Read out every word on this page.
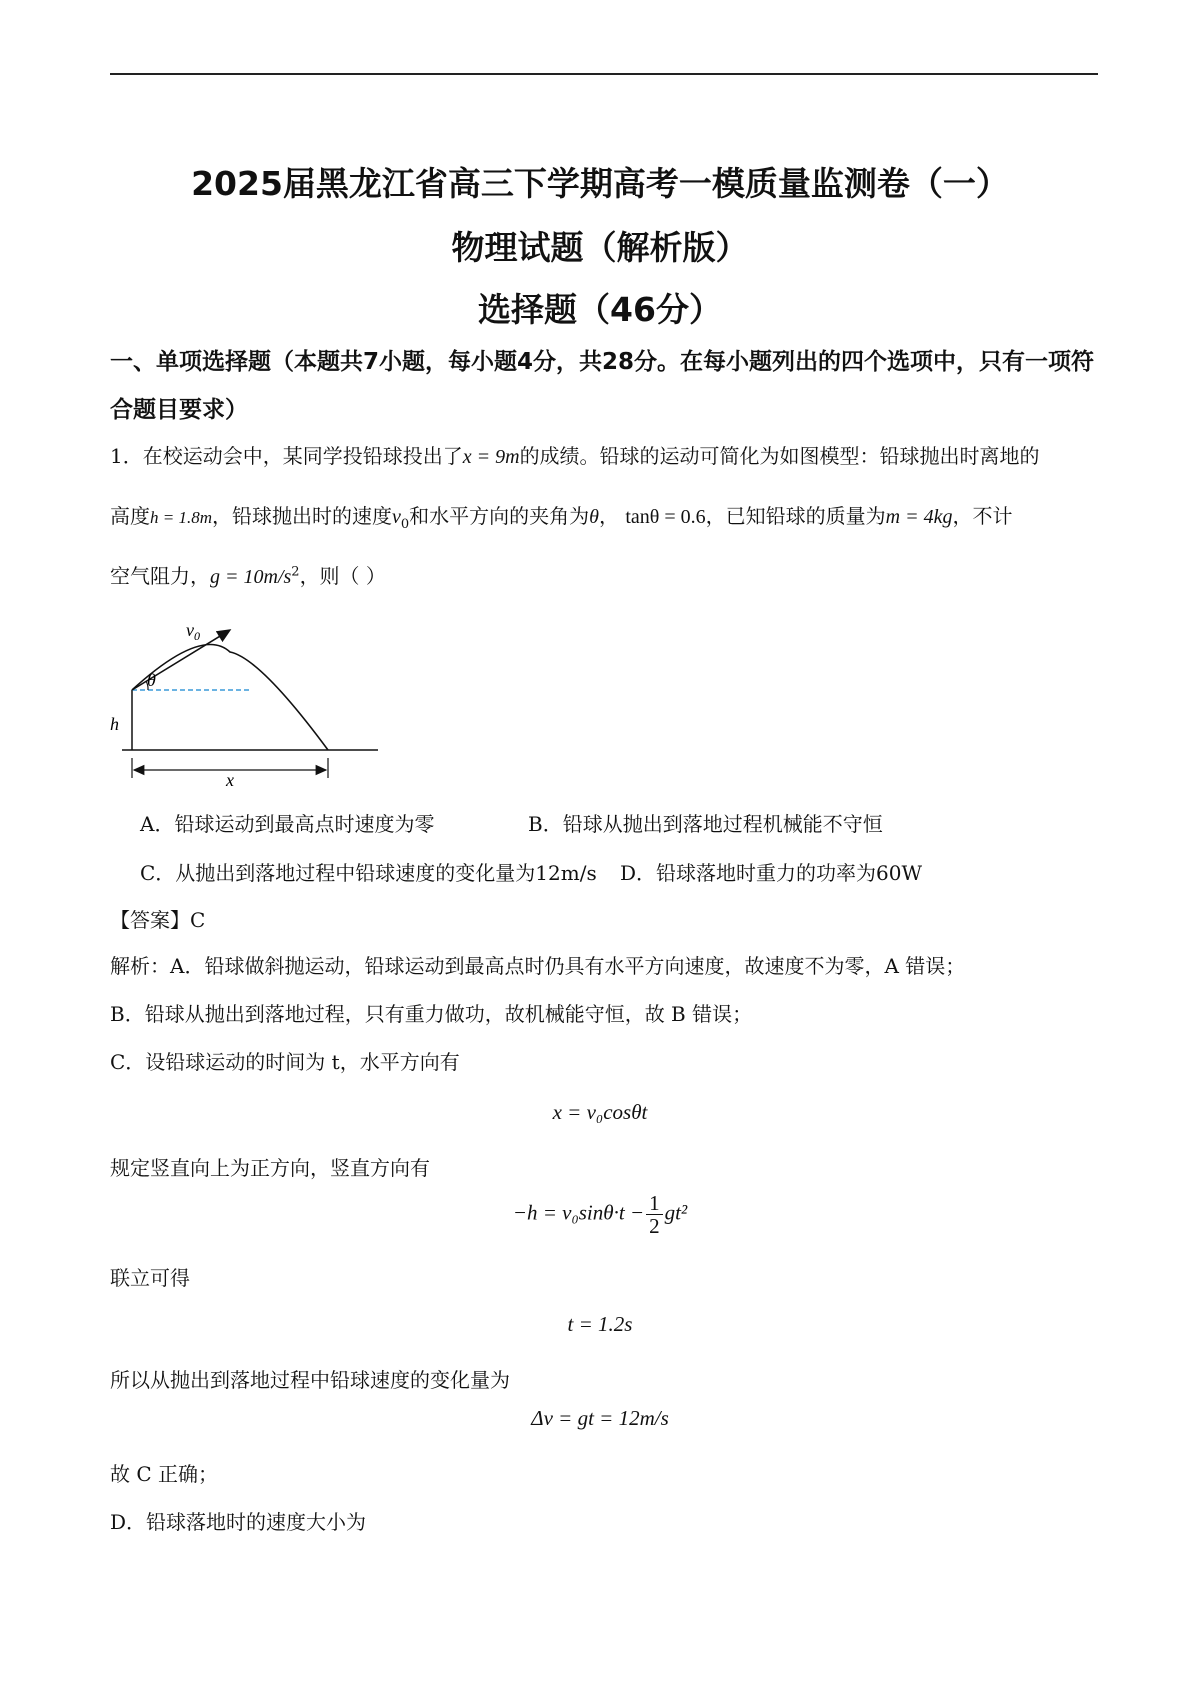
2025届黑龙江省高三下学期高考一模质量监测卷（一）
物理试题（解析版）
选择题（46分）
一、单项选择题（本题共7小题，每小题4分，共28分。在每小题列出的四个选项中，只有一项符合题目要求）
1．在校运动会中，某同学投铅球投出了x = 9m的成绩。铅球的运动可简化为如图模型：铅球抛出时离地的
高度h = 1.8m，铅球抛出时的速度$v_0$和水平方向的夹角为θ， tanθ = 0.6，已知铅球的质量为m = 4kg，不计
空气阻力，$g = 10m/s^2$，则（ ）
$v_0$
θ
h
x
A．铅球运动到最高点时速度为零	B．铅球从抛出到落地过程机械能不守恒
C．从抛出到落地过程中铅球速度的变化量为12m/s D．铅球落地时重力的功率为60W
【答案】C
解析：A．铅球做斜抛运动，铅球运动到最高点时仍具有水平方向速度，故速度不为零，A 错误；
B．铅球从抛出到落地过程，只有重力做功，故机械能守恒，故 B 错误；
C．设铅球运动的时间为 t，水平方向有
x = v₀cosθt
规定竖直向上为正方向，竖直方向有
$-h = v_0\sin\theta\cdot t - \frac{1}{2} gt^2$
联立可得
t = 1.2s
所以从抛出到落地过程中铅球速度的变化量为
Δv = gt = 12m/s
故 C 正确；
D．铅球落地时的速度大小为
